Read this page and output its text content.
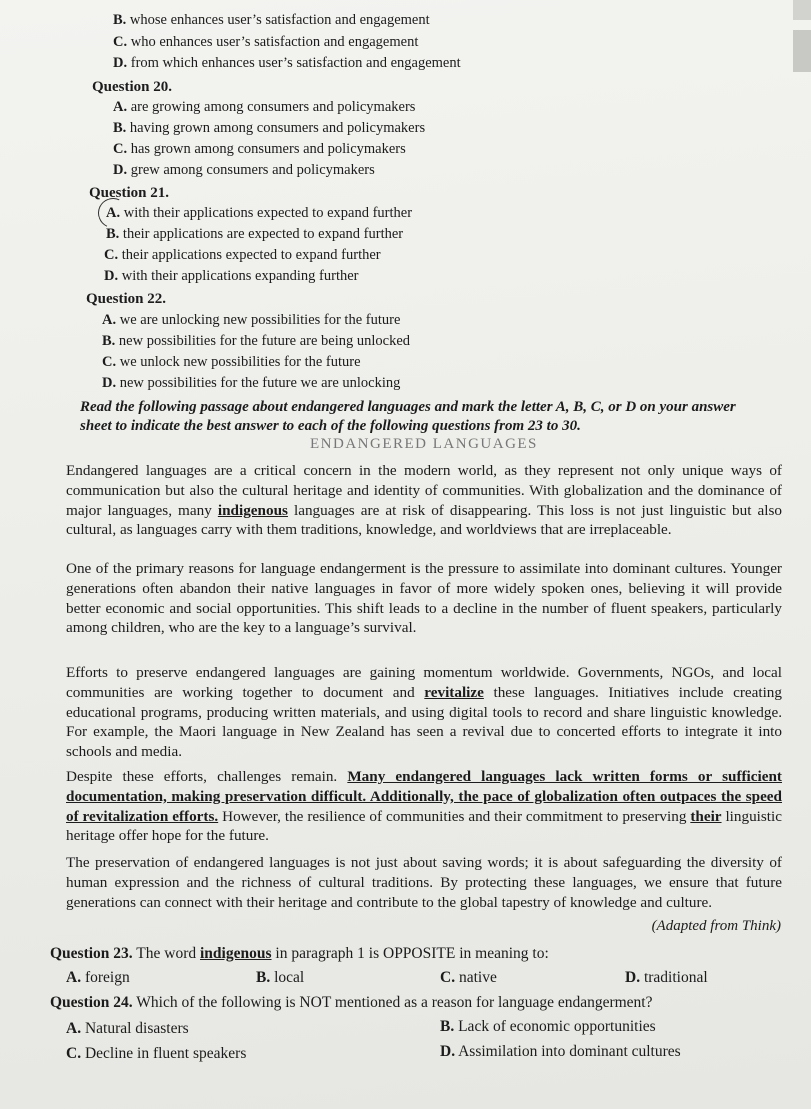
B. whose enhances user’s satisfaction and engagement
C. who enhances user’s satisfaction and engagement
D. from which enhances user’s satisfaction and engagement
Question 20.
A. are growing among consumers and policymakers
B. having grown among consumers and policymakers
C. has grown among consumers and policymakers
D. grew among consumers and policymakers
Question 21.
A. with their applications expected to expand further
B. their applications are expected to expand further
C. their applications expected to expand further
D. with their applications expanding further
Question 22.
A. we are unlocking new possibilities for the future
B. new possibilities for the future are being unlocked
C. we unlock new possibilities for the future
D. new possibilities for the future we are unlocking
Read the following passage about endangered languages and mark the letter A, B, C, or D on your answer sheet to indicate the best answer to each of the following questions from 23 to 30.
ENDANGERED LANGUAGES

Endangered languages are a critical concern in the modern world, as they represent not only unique ways of communication but also the cultural heritage and identity of communities. With globalization and the dominance of major languages, many indigenous languages are at risk of disappearing. This loss is not just linguistic but also cultural, as languages carry with them traditions, knowledge, and worldviews that are irreplaceable.

One of the primary reasons for language endangerment is the pressure to assimilate into dominant cultures. Younger generations often abandon their native languages in favor of more widely spoken ones, believing it will provide better economic and social opportunities. This shift leads to a decline in the number of fluent speakers, particularly among children, who are the key to a language’s survival.

Efforts to preserve endangered languages are gaining momentum worldwide. Governments, NGOs, and local communities are working together to document and revitalize these languages. Initiatives include creating educational programs, producing written materials, and using digital tools to record and share linguistic knowledge. For example, the Maori language in New Zealand has seen a revival due to concerted efforts to integrate it into schools and media.

Despite these efforts, challenges remain. Many endangered languages lack written forms or sufficient documentation, making preservation difficult. Additionally, the pace of globalization often outpaces the speed of revitalization efforts. However, the resilience of communities and their commitment to preserving their linguistic heritage offer hope for the future.

The preservation of endangered languages is not just about saving words; it is about safeguarding the diversity of human expression and the richness of cultural traditions. By protecting these languages, we ensure that future generations can connect with their heritage and contribute to the global tapestry of knowledge and culture.

(Adapted from Think)
Question 23. The word indigenous in paragraph 1 is OPPOSITE in meaning to:
A. foreign	B. local	C. native	D. traditional
Question 24. Which of the following is NOT mentioned as a reason for language endangerment?
A. Natural disasters	B. Lack of economic opportunities
C. Decline in fluent speakers	D. Assimilation into dominant cultures
